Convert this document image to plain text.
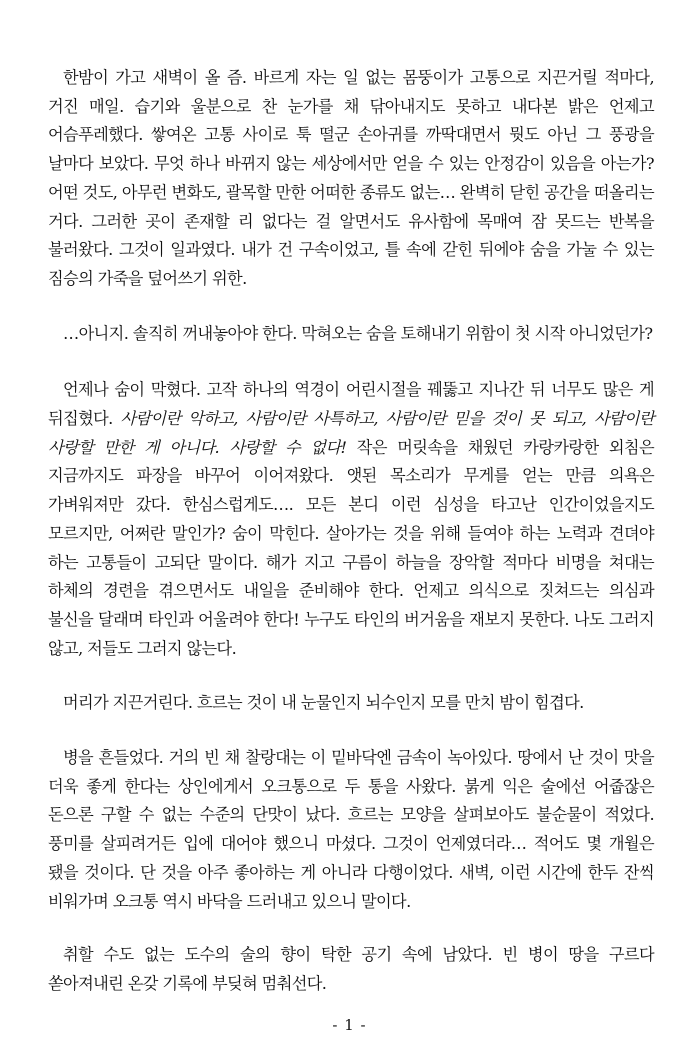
한밤이 가고 새벽이 올 즘. 바르게 자는 일 없는 몸뚱이가 고통으로 지끈거릴 적마다, 거진 매일. 습기와 울분으로 찬 눈가를 채 닦아내지도 못하고 내다본 밝은 언제고 어슴푸레했다. 쌓여온 고통 사이로 툭 떨군 손아귀를 까딱대면서 뭣도 아닌 그 풍광을 날마다 보았다. 무엇 하나 바뀌지 않는 세상에서만 얻을 수 있는 안정감이 있음을 아는가? 어떤 것도, 아무런 변화도, 괄목할 만한 어떠한 종류도 없는… 완벽히 닫힌 공간을 떠올리는 거다. 그러한 곳이 존재할 리 없다는 걸 알면서도 유사함에 목매여 잠 못드는 반복을 불러왔다. 그것이 일과였다. 내가 건 구속이었고, 틀 속에 갇힌 뒤에야 숨을 가눌 수 있는 짐승의 가죽을 덮어쓰기 위한.

…아니지. 솔직히 꺼내놓아야 한다. 막혀오는 숨을 토해내기 위함이 첫 시작 아니었던가?

언제나 숨이 막혔다. 고작 하나의 역경이 어린시절을 꿰뚫고 지나간 뒤 너무도 많은 게 뒤집혔다. 사람이란 악하고, 사람이란 사특하고, 사람이란 믿을 것이 못 되고, 사람이란 사랑할 만한 게 아니다. 사랑할 수 없다! 작은 머릿속을 채웠던 카랑카랑한 외침은 지금까지도 파장을 바꾸어 이어져왔다. 앳된 목소리가 무게를 얻는 만큼 의욕은 가벼워져만 갔다. 한심스럽게도…. 모든 본디 이런 심성을 타고난 인간이었을지도 모르지만, 어쩌란 말인가? 숨이 막힌다. 살아가는 것을 위해 들여야 하는 노력과 견뎌야 하는 고통들이 고되단 말이다. 해가 지고 구름이 하늘을 장악할 적마다 비명을 쳐대는 하체의 경련을 겪으면서도 내일을 준비해야 한다. 언제고 의식으로 짓쳐드는 의심과 불신을 달래며 타인과 어울려야 한다! 누구도 타인의 버거움을 재보지 못한다. 나도 그러지 않고, 저들도 그러지 않는다.

머리가 지끈거린다. 흐르는 것이 내 눈물인지 뇌수인지 모를 만치 밤이 힘겹다.

병을 흔들었다. 거의 빈 채 찰랑대는 이 밑바닥엔 금속이 녹아있다. 땅에서 난 것이 맛을 더욱 좋게 한다는 상인에게서 오크통으로 두 통을 사왔다. 붉게 익은 술에선 어줍잖은 돈으론 구할 수 없는 수준의 단맛이 났다. 흐르는 모양을 살펴보아도 불순물이 적었다. 풍미를 살피려거든 입에 대어야 했으니 마셨다. 그것이 언제였더라… 적어도 몇 개월은 됐을 것이다. 단 것을 아주 좋아하는 게 아니라 다행이었다. 새벽, 이런 시간에 한두 잔씩 비워가며 오크통 역시 바닥을 드러내고 있으니 말이다.

취할 수도 없는 도수의 술의 향이 탁한 공기 속에 남았다. 빈 병이 땅을 구르다 쏟아져내린 온갖 기록에 부딪혀 멈춰선다.

- 1 -
